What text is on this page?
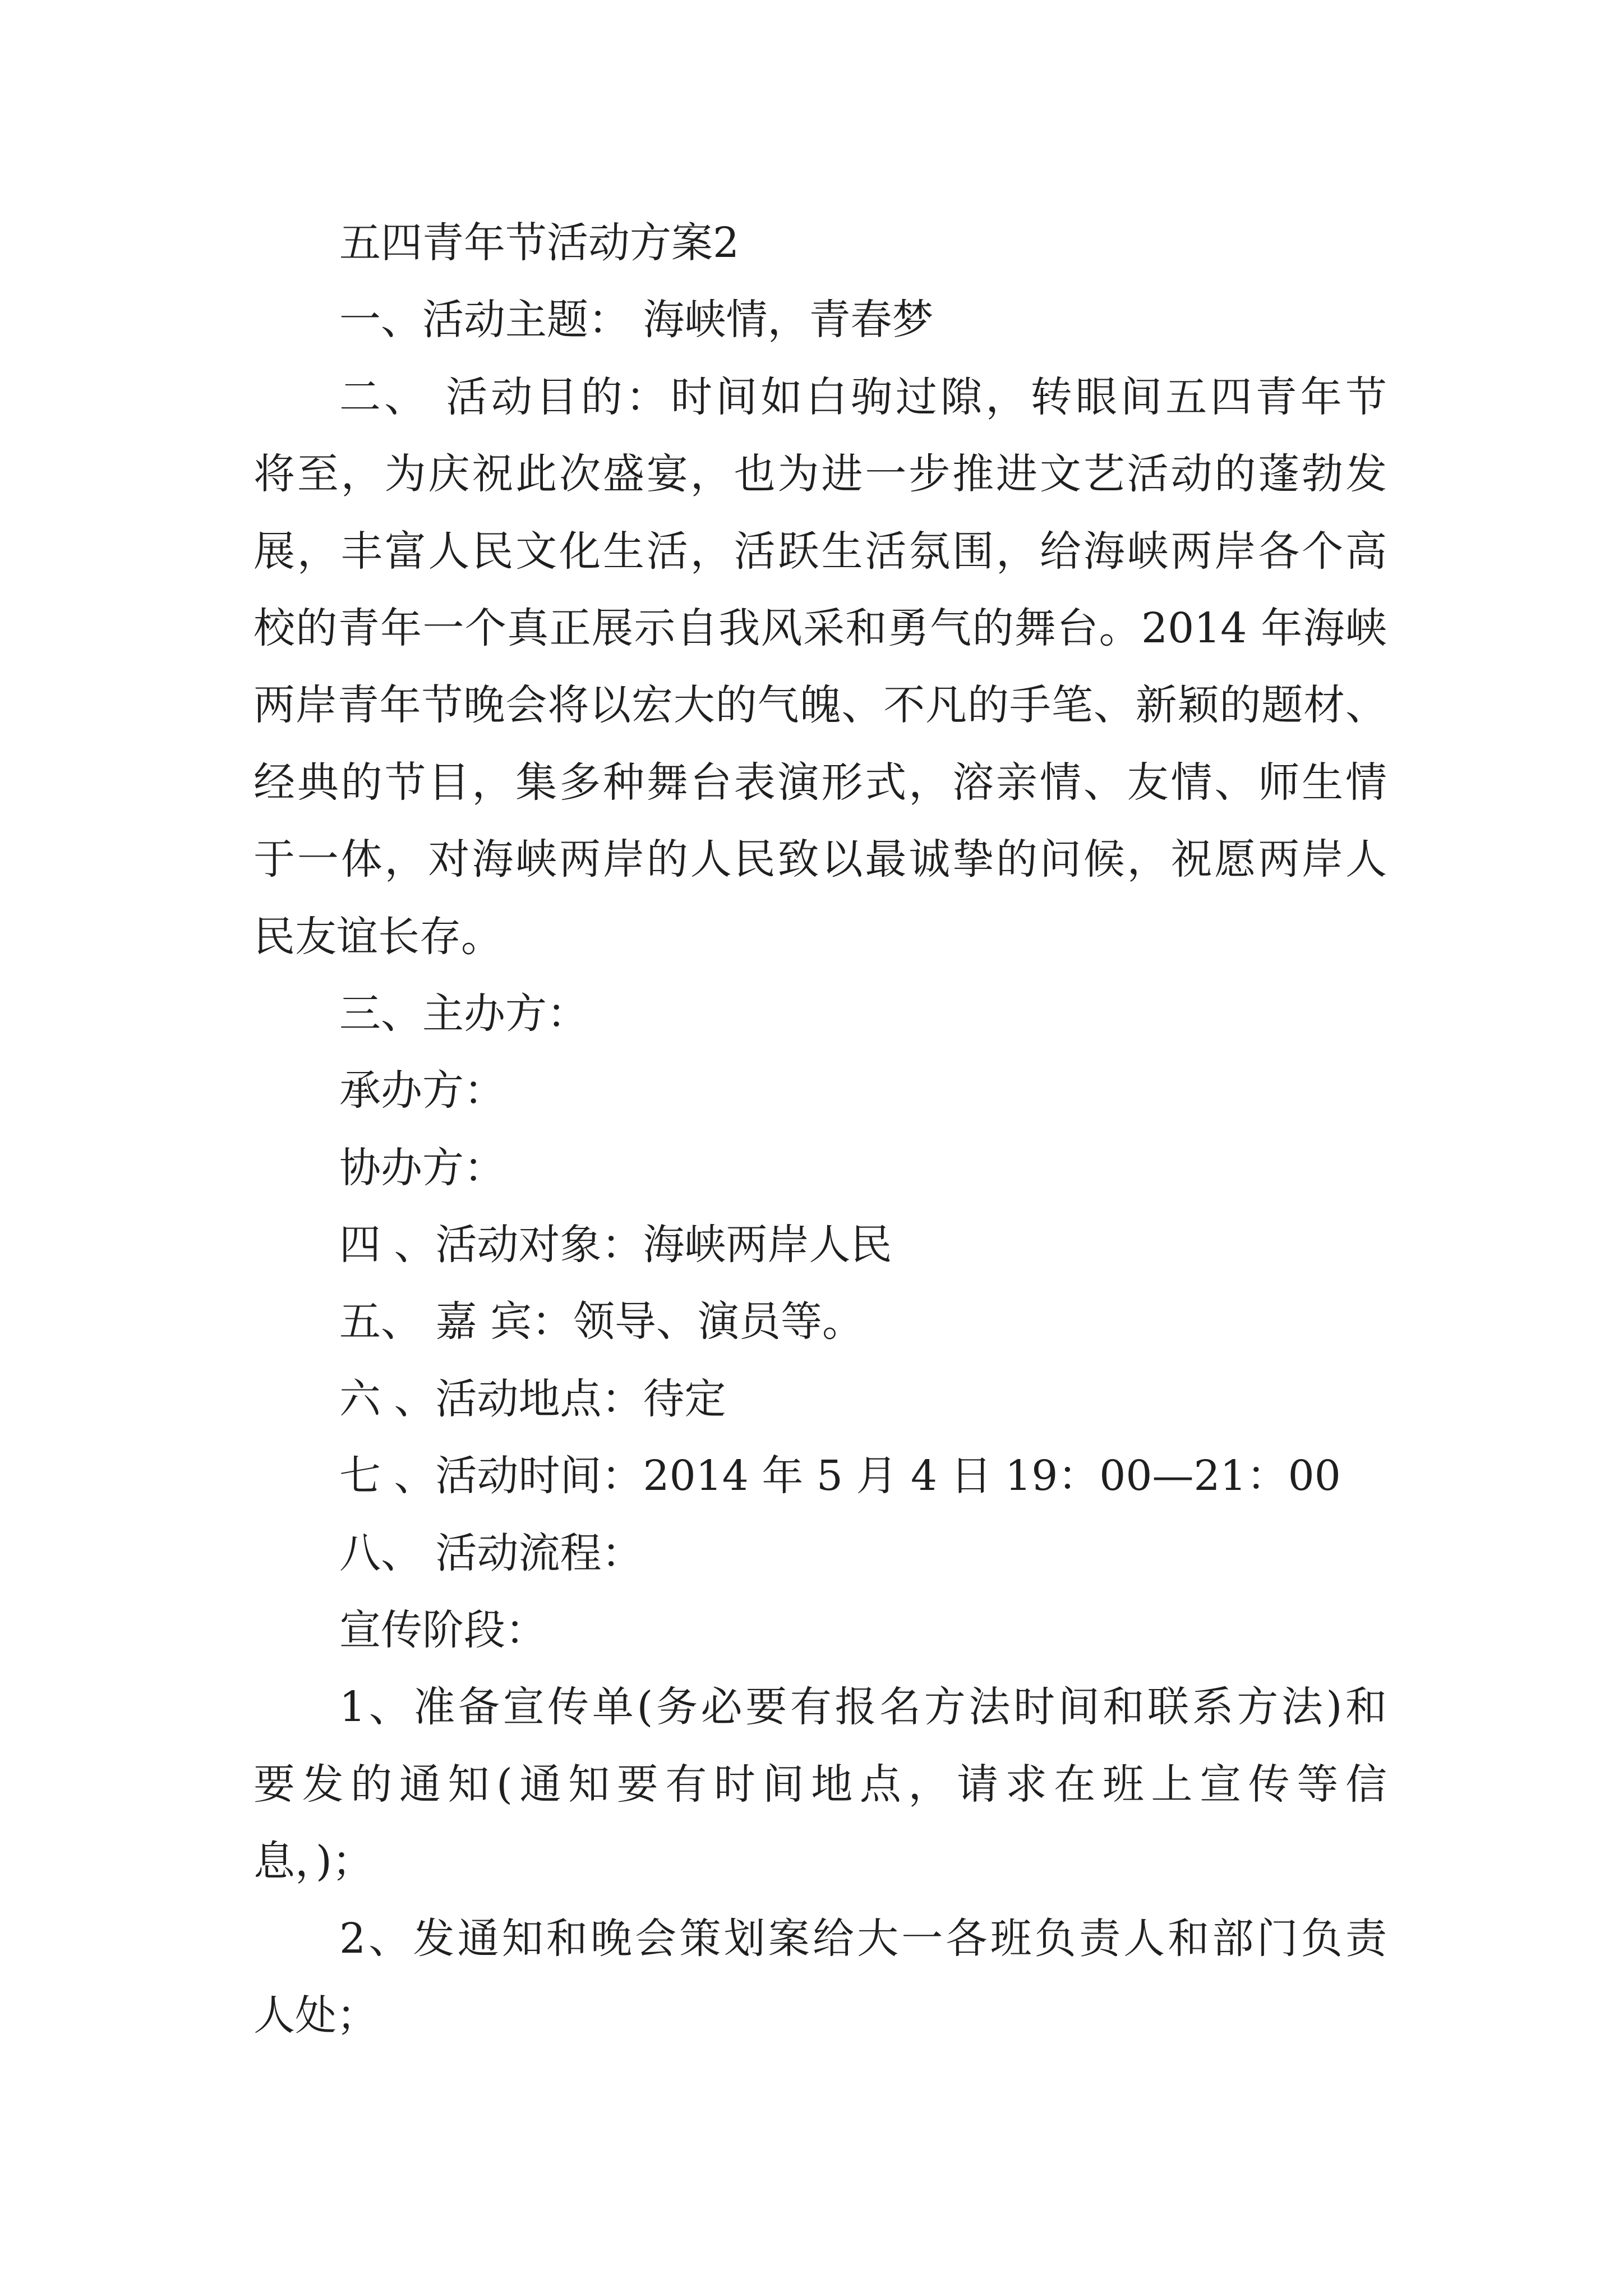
五四青年节活动方案2
一、活动主题： 海峡情，青春梦
二、 活动目的：时间如白驹过隙，转眼间五四青年节
将至，为庆祝此次盛宴，也为进一步推进文艺活动的蓬勃发
展，丰富人民文化生活，活跃生活氛围，给海峡两岸各个高
校的青年一个真正展示自我风采和勇气的舞台。2014 年海峡
两岸青年节晚会将以宏大的气魄、不凡的手笔、新颖的题材、
经典的节目，集多种舞台表演形式，溶亲情、友情、师生情
于一体，对海峡两岸的人民致以最诚挚的问候，祝愿两岸人
民友谊长存。
三、主办方：
承办方：
协办方：
四 、活动对象：海峡两岸人民
五、 嘉 宾：领导、演员等。
六 、活动地点：待定
七 、活动时间：2014 年 5 月 4 日 19：00—21：00
八、 活动流程：
宣传阶段：
1、准备宣传单(务必要有报名方法时间和联系方法)和
要发的通知(通知要有时间地点，请求在班上宣传等信
息，)；
2、发通知和晚会策划案给大一各班负责人和部门负责
人处；
